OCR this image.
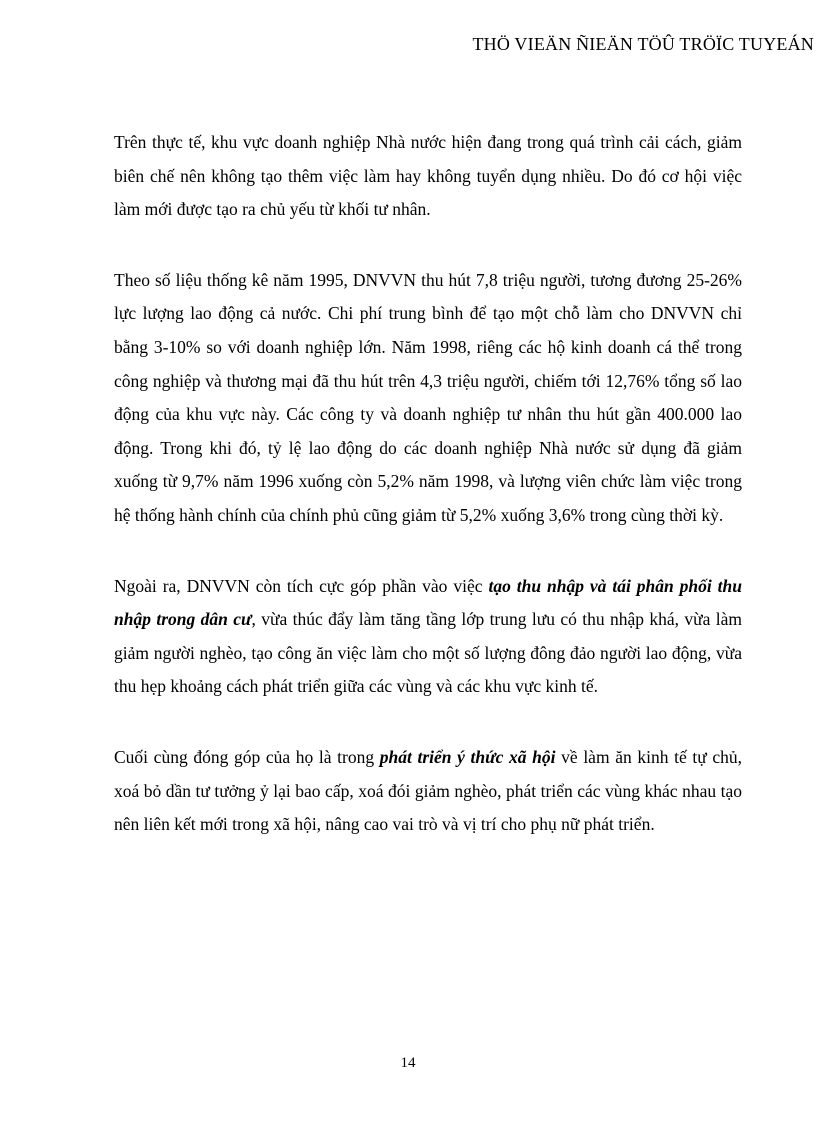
THÖ VIEÄN ÑIEÄN TÖÛ TRÖÏC TUYEÁN

Trên thực tế, khu vực doanh nghiệp Nhà nước hiện đang trong quá trình cải cách, giảm biên chế nên không tạo thêm việc làm hay không tuyển dụng nhiều. Do đó cơ hội việc làm mới được tạo ra chủ yếu từ khối tư nhân.

Theo số liệu thống kê năm 1995, DNVVN thu hút 7,8 triệu người, tương đương 25-26% lực lượng lao động cả nước. Chi phí trung bình để tạo một chỗ làm cho DNVVN chỉ bằng 3-10% so với doanh nghiệp lớn. Năm 1998, riêng các hộ kinh doanh cá thể trong công nghiệp và thương mại đã thu hút trên 4,3 triệu người, chiếm tới 12,76% tổng số lao động của khu vực này. Các công ty và doanh nghiệp tư nhân thu hút gần 400.000 lao động. Trong khi đó, tỷ lệ lao động do các doanh nghiệp Nhà nước sử dụng đã giảm xuống từ 9,7% năm 1996 xuống còn 5,2% năm 1998, và lượng viên chức làm việc trong hệ thống hành chính của chính phủ cũng giảm từ 5,2% xuống 3,6% trong cùng thời kỳ.

Ngoài ra, DNVVN còn tích cực góp phần vào việc tạo thu nhập và tái phân phối thu nhập trong dân cư, vừa thúc đẩy làm tăng tầng lớp trung lưu có thu nhập khá, vừa làm giảm người nghèo, tạo công ăn việc làm cho một số lượng đông đảo người lao động, vừa thu hẹp khoảng cách phát triển giữa các vùng và các khu vực kinh tế.

Cuối cùng đóng góp của họ là trong phát triển ý thức xã hội về làm ăn kinh tế tự chủ, xoá bỏ dần tư tưởng ỷ lại bao cấp, xoá đói giảm nghèo, phát triển các vùng khác nhau tạo nên liên kết mới trong xã hội, nâng cao vai trò và vị trí cho phụ nữ phát triển.

14
